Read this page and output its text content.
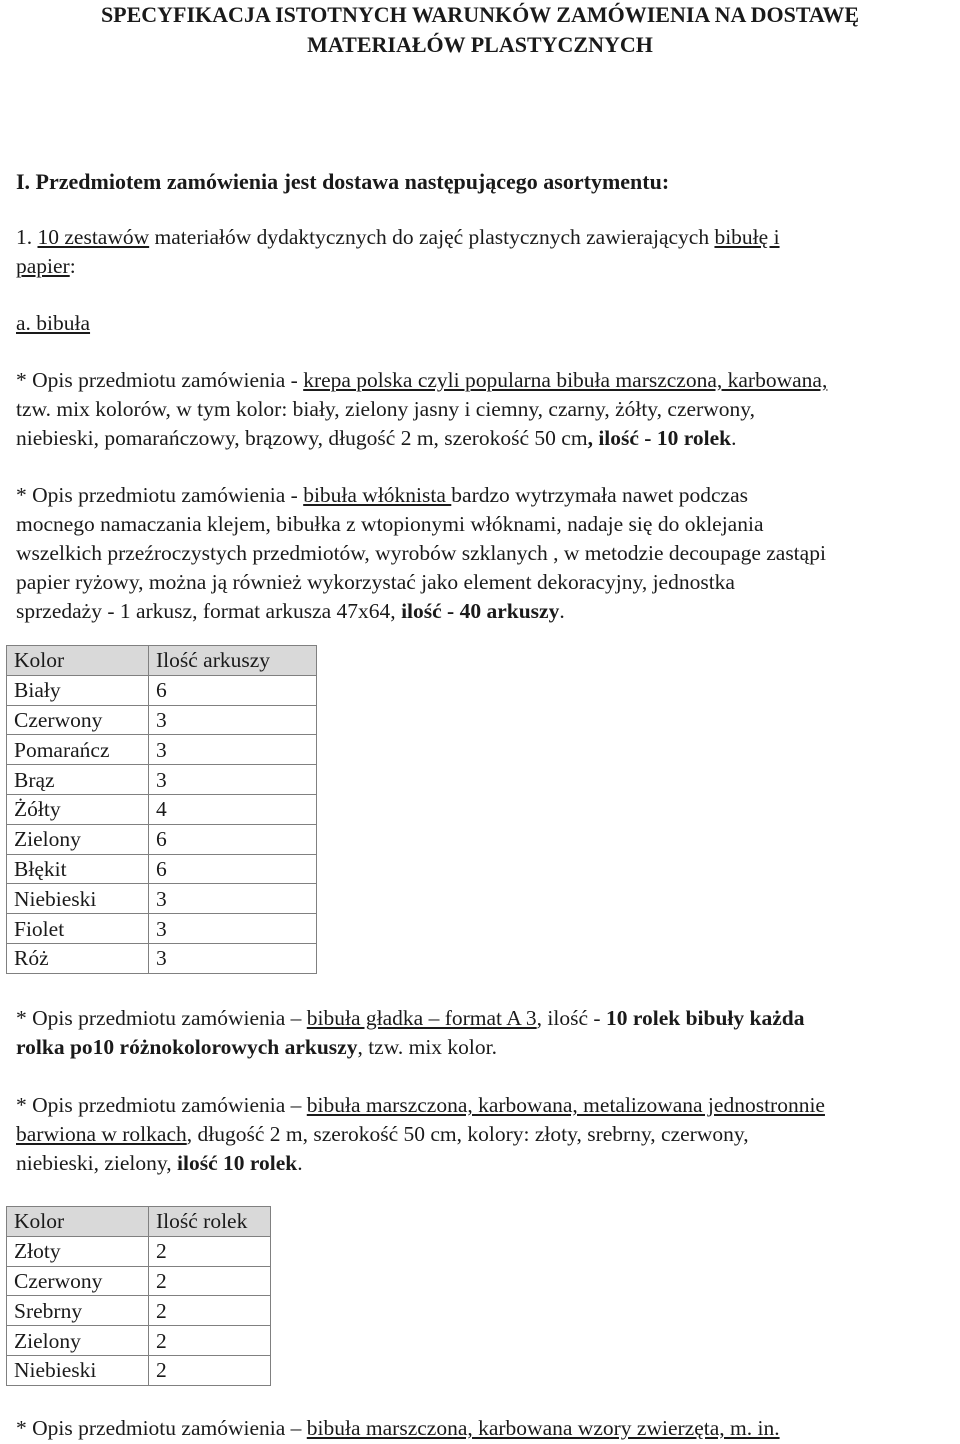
SPECYFIKACJA ISTOTNYCH WARUNKÓW ZAMÓWIENIA NA DOSTAWĘ
MATERIAŁÓW PLASTYCZNYCH
I. Przedmiotem zamówienia jest dostawa następującego asortymentu:
1. 10 zestawów materiałów dydaktycznych do zajęć plastycznych zawierających bibułę i
papier:
a. bibuła
* Opis przedmiotu zamówienia - krepa polska czyli popularna bibuła marszczona, karbowana,
tzw. mix kolorów, w tym kolor: biały, zielony jasny i ciemny, czarny, żółty, czerwony,
niebieski, pomarańczowy, brązowy, długość 2 m, szerokość 50 cm, ilość - 10 rolek.
* Opis przedmiotu zamówienia - bibuła włóknista bardzo wytrzymała nawet podczas
mocnego namaczania klejem, bibułka z wtopionymi włóknami, nadaje się do oklejania
wszelkich przeźroczystych przedmiotów, wyrobów szklanych , w metodzie decoupage zastąpi
papier ryżowy, można ją również wykorzystać jako element dekoracyjny, jednostka
sprzedaży - 1 arkusz, format arkusza 47x64, ilość - 40 arkuszy.
Kolor	Ilość arkuszy
Biały	6
Czerwony	3
Pomarańcz	3
Brąz	3
Żółty	4
Zielony	6
Błękit	6
Niebieski	3
Fiolet	3
Róż	3
* Opis przedmiotu zamówienia – bibuła gładka – format A 3, ilość - 10 rolek bibuły każda
rolka po10 różnokolorowych arkuszy, tzw. mix kolor.
* Opis przedmiotu zamówienia – bibuła marszczona, karbowana, metalizowana jednostronnie
barwiona w rolkach, długość 2 m, szerokość 50 cm, kolory: złoty, srebrny, czerwony,
niebieski, zielony, ilość 10 rolek.
Kolor	Ilość rolek
Złoty	2
Czerwony	2
Srebrny	2
Zielony	2
Niebieski	2
* Opis przedmiotu zamówienia – bibuła marszczona, karbowana wzory zwierzęta, m. in.
